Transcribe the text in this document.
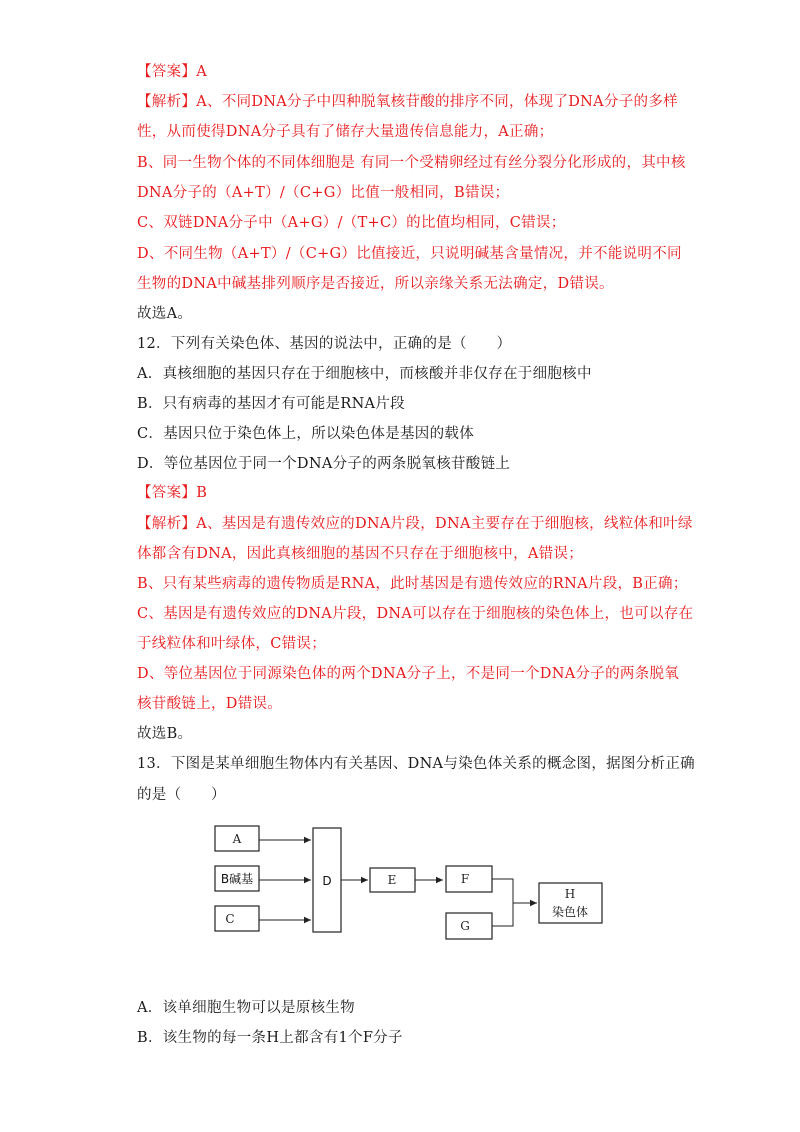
【答案】A
【解析】A、不同DNA分子中四种脱氧核苷酸的排序不同，体现了DNA分子的多样
性，从而使得DNA分子具有了储存大量遗传信息能力，A正确；
B、同一生物个体的不同体细胞是 有同一个受精卵经过有丝分裂分化形成的，其中核
DNA分子的（A+T）/（C+G）比值一般相同，B错误；
C、双链DNA分子中（A+G）/（T+C）的比值均相同，C错误；
D、不同生物（A+T）/（C+G）比值接近，只说明碱基含量情况，并不能说明不同
生物的DNA中碱基排列顺序是否接近，所以亲缘关系无法确定，D错误。
故选A。
12．下列有关染色体、基因的说法中，正确的是（　　）
A．真核细胞的基因只存在于细胞核中，而核酸并非仅存在于细胞核中
B．只有病毒的基因才有可能是RNA片段
C．基因只位于染色体上，所以染色体是基因的载体
D．等位基因位于同一个DNA分子的两条脱氧核苷酸链上
【答案】B
【解析】A、基因是有遗传效应的DNA片段，DNA主要存在于细胞核，线粒体和叶绿
体都含有DNA，因此真核细胞的基因不只存在于细胞核中，A错误；
B、只有某些病毒的遗传物质是RNA，此时基因是有遗传效应的RNA片段，B正确；
C、基因是有遗传效应的DNA片段，DNA可以存在于细胞核的染色体上，也可以存在
于线粒体和叶绿体，C错误；
D、等位基因位于同源染色体的两个DNA分子上，不是同一个DNA分子的两条脱氧
核苷酸链上，D错误。
故选B。
13．下图是某单细胞生物体内有关基因、DNA与染色体关系的概念图，据图分析正确
的是（　　）
A
B碱基
C
D	E	F
G
H
染色体
A．该单细胞生物可以是原核生物
B．该生物的每一条H上都含有1个F分子
